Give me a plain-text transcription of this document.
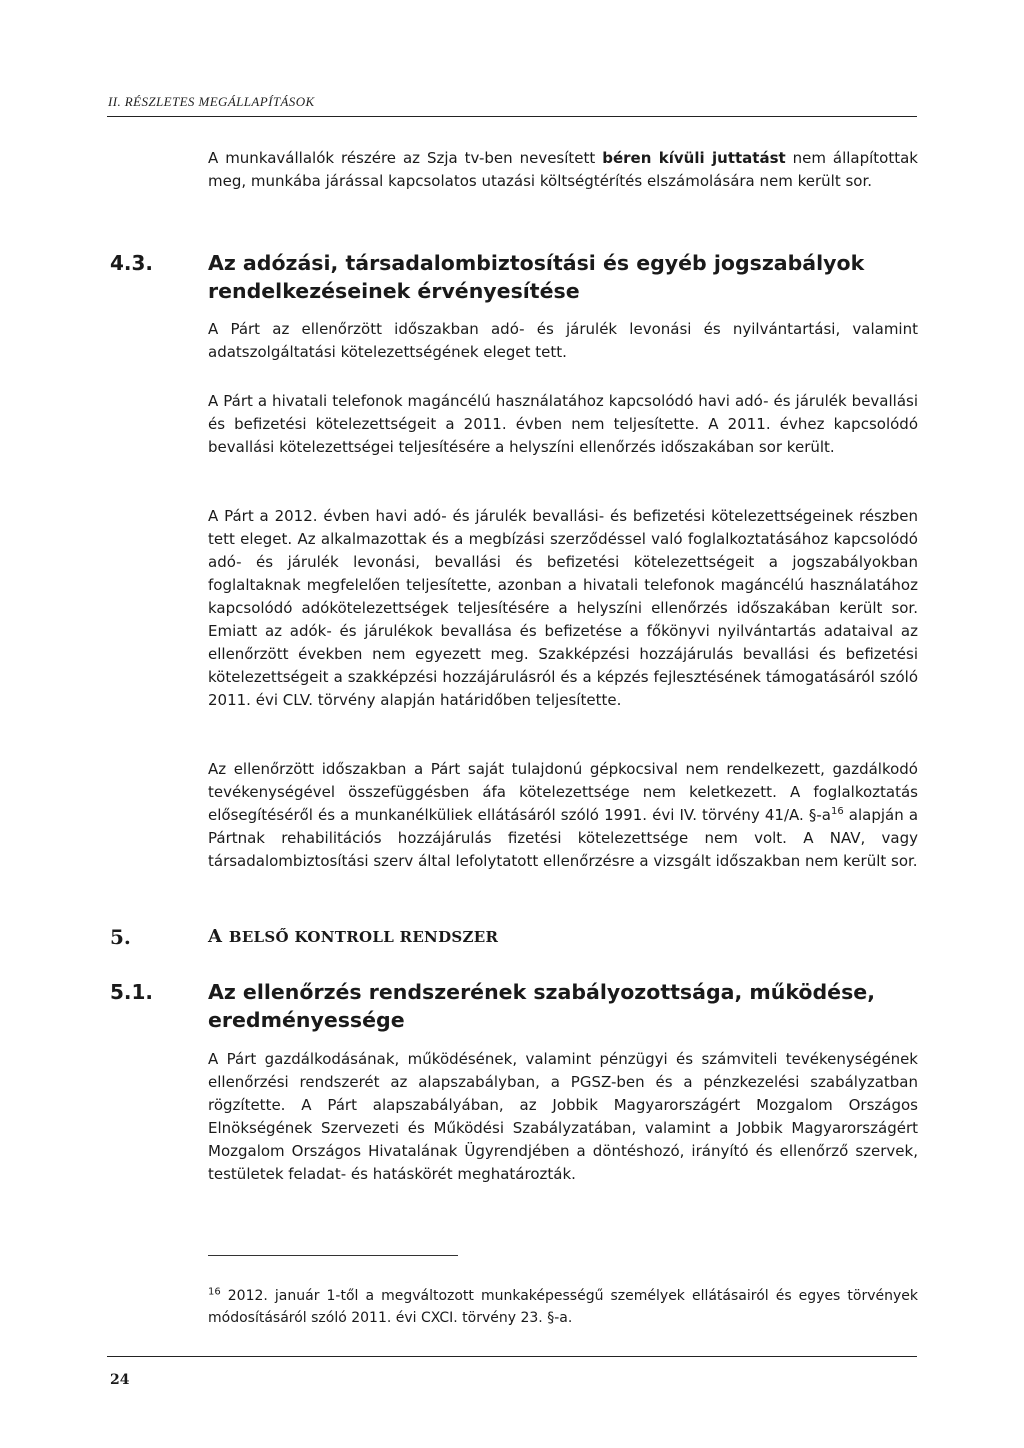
II. RÉSZLETES MEGÁLLAPÍTÁSOK

A munkavállalók részére az Szja tv-ben nevesített béren kívüli juttatást nem állapítottak meg, munkába járással kapcsolatos utazási költségtérítés elszámolására nem került sor.

4.3.	Az adózási, társadalombiztosítási és egyéb jogszabályok rendelkezéseinek érvényesítése

A Párt az ellenőrzött időszakban adó- és járulék levonási és nyilvántartási, valamint adatszolgáltatási kötelezettségének eleget tett.

A Párt a hivatali telefonok magáncélú használatához kapcsolódó havi adó- és járulék bevallási és befizetési kötelezettségeit a 2011. évben nem teljesítette. A 2011. évhez kapcsolódó bevallási kötelezettségei teljesítésére a helyszíni ellenőrzés időszakában sor került.

A Párt a 2012. évben havi adó- és járulék bevallási- és befizetési kötelezettségeinek részben tett eleget. Az alkalmazottak és a megbízási szerződéssel való foglalkoztatásához kapcsolódó adó- és járulék levonási, bevallási és befizetési kötelezettségeit a jogszabályokban foglaltaknak megfelelően teljesítette, azonban a hivatali telefonok magáncélú használatához kapcsolódó adókötelezettségek teljesítésére a helyszíni ellenőrzés időszakában került sor. Emiatt az adók- és járulékok bevallása és befizetése a főkönyvi nyilvántartás adataival az ellenőrzött években nem egyezett meg. Szakképzési hozzájárulás bevallási és befizetési kötelezettségeit a szakképzési hozzájárulásról és a képzés fejlesztésének támogatásáról szóló 2011. évi CLV. törvény alapján határidőben teljesítette.

Az ellenőrzött időszakban a Párt saját tulajdonú gépkocsival nem rendelkezett, gazdálkodó tevékenységével összefüggésben áfa kötelezettsége nem keletkezett. A foglalkoztatás elősegítéséről és a munkanélküliek ellátásáról szóló 1991. évi IV. törvény 41/A. $\S-a^{16}$ alapján a Pártnak rehabilitációs hozzájárulás fizetési kötelezettsége nem volt. A NAV, vagy társadalombiztosítási szerv által lefolytatott ellenőrzésre a vizsgált időszakban nem került sor.

5.	A BELSŐ KONTROLL RENDSZER
5.1.	Az ellenőrzés rendszerének szabályozottsága, működése, eredményessége

A Párt gazdálkodásának, működésének, valamint pénzügyi és számviteli tevékenységének ellenőrzési rendszerét az alapszabályban, a PGSZ-ben és a pénzkezelési szabályzatban rögzítette. A Párt alapszabályában, az Jobbik Magyarországért Mozgalom Országos Elnökségének Szervezeti és Működési Szabályzatában, valamint a Jobbik Magyarországért Mozgalom Országos Hivatalának Ügyrendjében a döntéshozó, irányító és ellenőrző szervek, testületek feladat- és hatáskörét meghatározták.

$^{16}$ 2012. január 1-től a megváltozott munkaképességű személyek ellátásairól és egyes törvények módosításáról szóló 2011. évi CXCI. törvény 23. §-a.
24
